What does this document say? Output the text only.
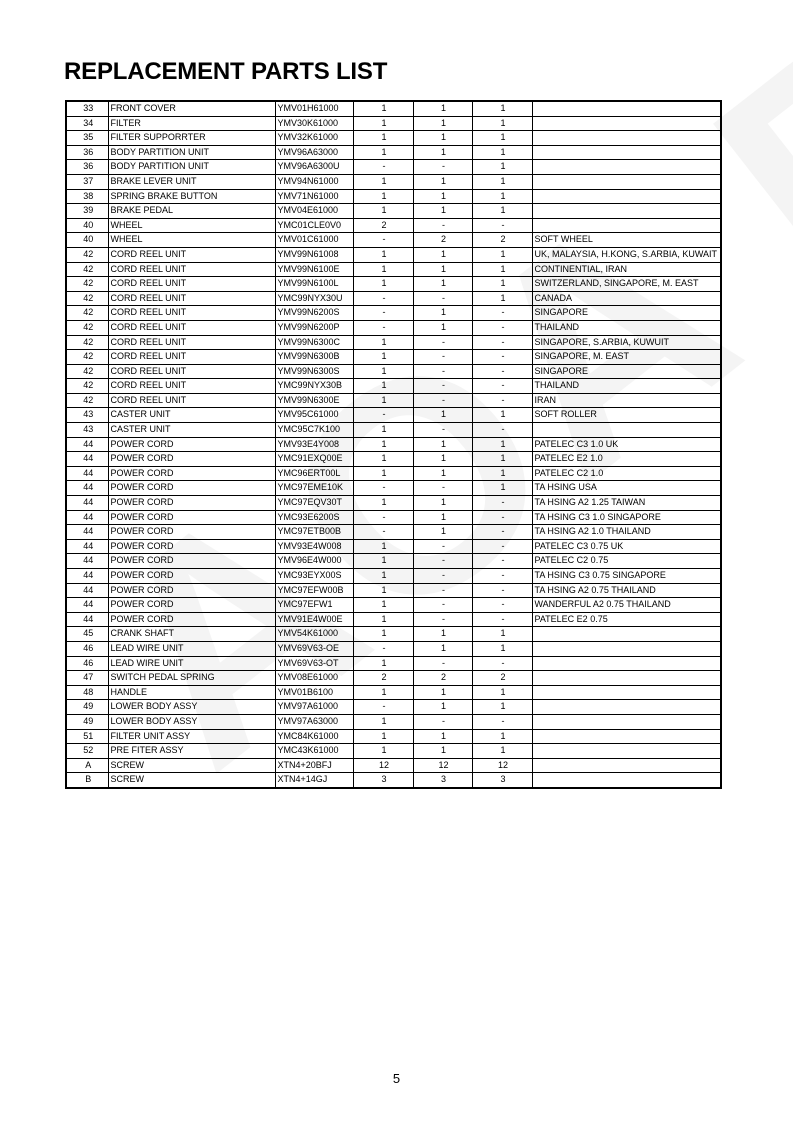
REPLACEMENT PARTS LIST
33	FRONT COVER	YMV01H61000	1	1	1	
34	FILTER	YMV30K61000	1	1	1	
35	FILTER SUPPORRTER	YMV32K61000	1	1	1	
36	BODY PARTITION UNIT	YMV96A63000	1	1	1	
36	BODY PARTITION UNIT	YMV96A6300U	-	-	1	
37	BRAKE LEVER UNIT	YMV94N61000	1	1	1	
38	SPRING BRAKE BUTTON	YMV71N61000	1	1	1	
39	BRAKE PEDAL	YMV04E61000	1	1	1	
40	WHEEL	YMC01CLE0V0	2	-	-	
40	WHEEL	YMV01C61000	-	2	2	SOFT WHEEL
42	CORD REEL UNIT	YMV99N61008	1	1	1	UK, MALAYSIA, H.KONG, S.ARBIA, KUWAIT
42	CORD REEL UNIT	YMV99N6100E	1	1	1	CONTINENTIAL, IRAN
42	CORD REEL UNIT	YMV99N6100L	1	1	1	SWITZERLAND, SINGAPORE, M. EAST
42	CORD REEL UNIT	YMC99NYX30U	-	-	1	CANADA
42	CORD REEL UNIT	YMV99N6200S	-	1	-	SINGAPORE
42	CORD REEL UNIT	YMV99N6200P	-	1	-	THAILAND
42	CORD REEL UNIT	YMV99N6300C	1	-	-	SINGAPORE, S.ARBIA, KUWUIT
42	CORD REEL UNIT	YMV99N6300B	1	-	-	SINGAPORE, M. EAST
42	CORD REEL UNIT	YMV99N6300S	1	-	-	SINGAPORE
42	CORD REEL UNIT	YMC99NYX30B	1	-	-	THAILAND
42	CORD REEL UNIT	YMV99N6300E	1	-	-	IRAN
43	CASTER UNIT	YMV95C61000	-	1	1	SOFT ROLLER
43	CASTER UNIT	YMC95C7K100	1	-	-	
44	POWER CORD	YMV93E4Y008	1	1	1	PATELEC C3 1.0 UK
44	POWER CORD	YMC91EXQ00E	1	1	1	PATELEC E2 1.0
44	POWER CORD	YMC96ERT00L	1	1	1	PATELEC C2 1.0
44	POWER CORD	YMC97EME10K	-	-	1	TA HSING USA
44	POWER CORD	YMC97EQV30T	1	1	-	TA HSING A2 1.25 TAIWAN
44	POWER CORD	YMC93E6200S	-	1	-	TA HSING C3 1.0 SINGAPORE
44	POWER CORD	YMC97ETB00B	-	1	-	TA HSING A2 1.0 THAILAND
44	POWER CORD	YMV93E4W008	1	-	-	PATELEC C3 0.75 UK
44	POWER CORD	YMV96E4W000	1	-	-	PATELEC C2 0.75
44	POWER CORD	YMC93EYX00S	1	-	-	TA HSING C3 0.75 SINGAPORE
44	POWER CORD	YMC97EFW00B	1	-	-	TA HSING A2 0.75 THAILAND
44	POWER CORD	YMC97EFW1	1	-	-	WANDERFUL A2 0.75 THAILAND
44	POWER CORD	YMV91E4W00E	1	-	-	PATELEC E2 0.75
45	CRANK SHAFT	YMV54K61000	1	1	1	
46	LEAD WIRE UNIT	YMV69V63-OE	-	1	1	
46	LEAD WIRE UNIT	YMV69V63-OT	1	-	-	
47	SWITCH PEDAL SPRING	YMV08E61000	2	2	2	
48	HANDLE	YMV01B6100	1	1	1	
49	LOWER BODY ASSY	YMV97A61000	-	1	1	
49	LOWER BODY ASSY	YMV97A63000	1	-	-	
51	FILTER UNIT ASSY	YMC84K61000	1	1	1	
52	PRE FITER ASSY	YMC43K61000	1	1	1	
A	SCREW	XTN4+20BFJ	12	12	12	
B	SCREW	XTN4+14GJ	3	3	3	
5
